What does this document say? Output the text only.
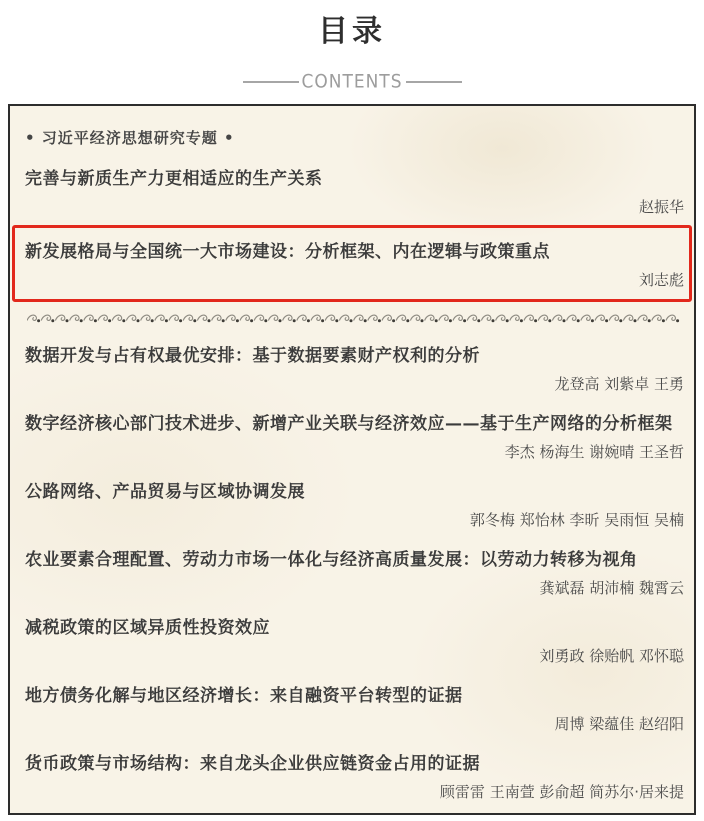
目录
CONTENTS
• 习近平经济思想研究专题 •
完善与新质生产力更相适应的生产关系
赵振华
新发展格局与全国统一大市场建设：分析框架、内在逻辑与政策重点
刘志彪
数据开发与占有权最优安排：基于数据要素财产权利的分析
龙登高 刘紫卓 王勇
数字经济核心部门技术进步、新增产业关联与经济效应——基于生产网络的分析框架
李杰 杨海生 谢婉晴 王圣哲
公路网络、产品贸易与区域协调发展
郭冬梅 郑怡林 李昕 吴雨恒 吴楠
农业要素合理配置、劳动力市场一体化与经济高质量发展：以劳动力转移为视角
龚斌磊 胡沛楠 魏霄云
减税政策的区域异质性投资效应
刘勇政 徐贻帆 邓怀聪
地方债务化解与地区经济增长：来自融资平台转型的证据
周博 梁蕴佳 赵绍阳
货币政策与市场结构：来自龙头企业供应链资金占用的证据
顾雷雷 王南萱 彭俞超 简苏尔·居来提
